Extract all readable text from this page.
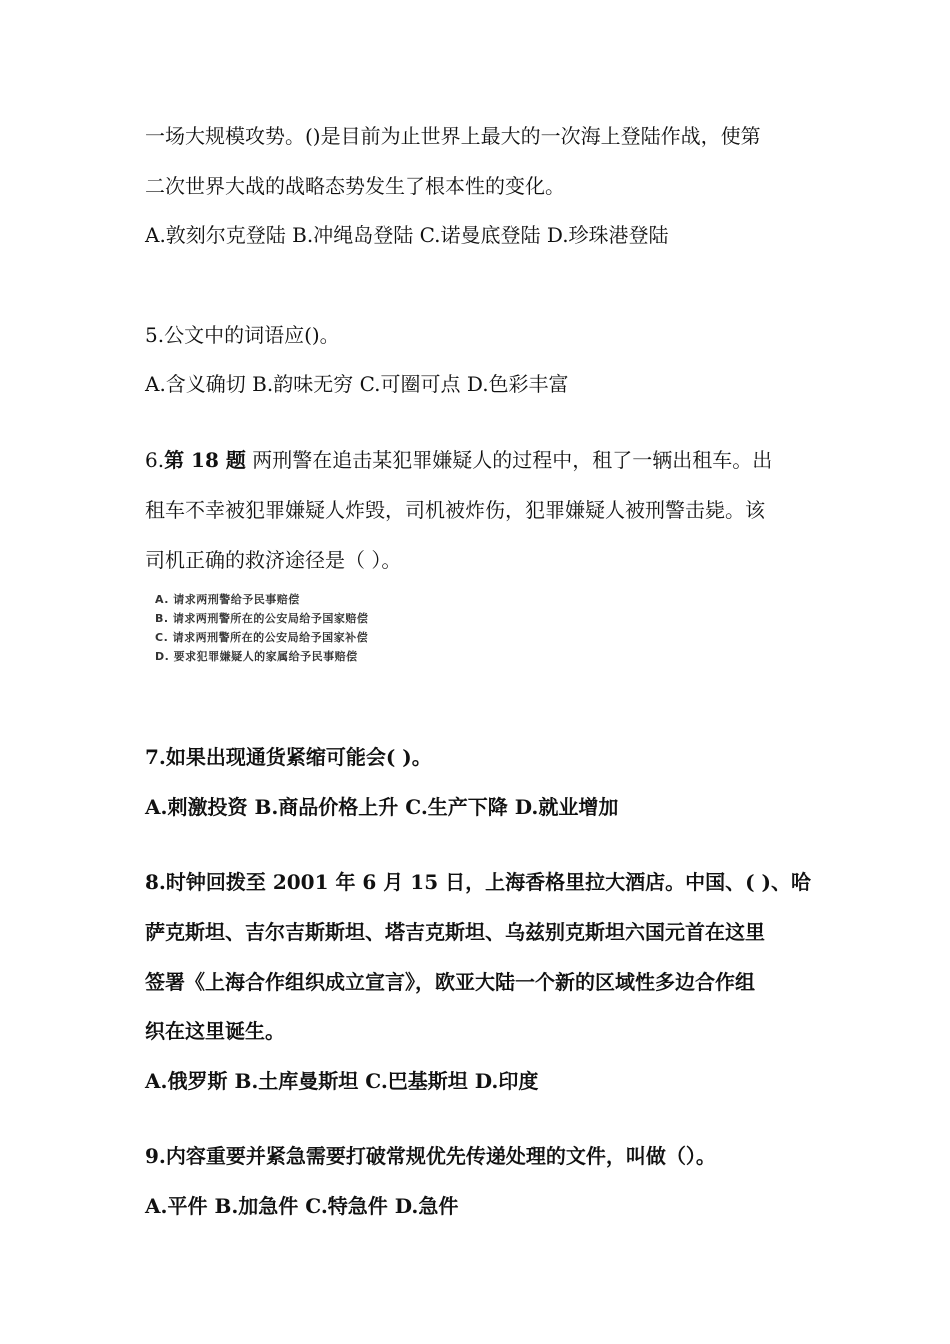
一场大规模攻势。()是目前为止世界上最大的一次海上登陆作战，使第
二次世界大战的战略态势发生了根本性的变化。
A.敦刻尔克登陆 B.冲绳岛登陆 C.诺曼底登陆 D.珍珠港登陆
5.公文中的词语应()。
A.含义确切 B.韵味无穷 C.可圈可点 D.色彩丰富
6.第 18 题 两刑警在追击某犯罪嫌疑人的过程中，租了一辆出租车。出
租车不幸被犯罪嫌疑人炸毁，司机被炸伤，犯罪嫌疑人被刑警击毙。该
司机正确的救济途径是（ ）。
A. 请求两刑警给予民事赔偿
B. 请求两刑警所在的公安局给予国家赔偿
C. 请求两刑警所在的公安局给予国家补偿
D. 要求犯罪嫌疑人的家属给予民事赔偿
7.如果出现通货紧缩可能会( )。
A.刺激投资 B.商品价格上升 C.生产下降 D.就业增加
8.时钟回拨至 2001 年 6 月 15 日，上海香格里拉大酒店。中国、( )、哈
萨克斯坦、吉尔吉斯斯坦、塔吉克斯坦、乌兹别克斯坦六国元首在这里
签署《上海合作组织成立宣言》，欧亚大陆一个新的区域性多边合作组
织在这里诞生。
A.俄罗斯 B.土库曼斯坦 C.巴基斯坦 D.印度
9.内容重要并紧急需要打破常规优先传递处理的文件，叫做（）。
A.平件 B.加急件 C.特急件 D.急件
